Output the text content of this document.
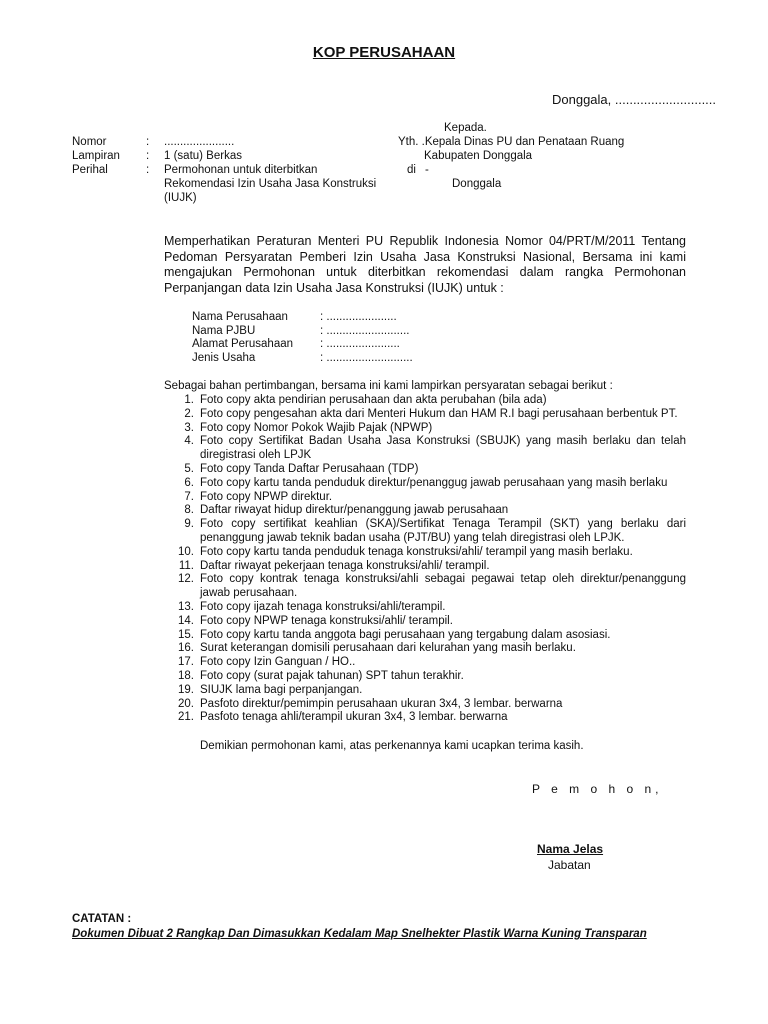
KOP PERUSAHAAN
Donggala, ............................
Nomor	: ......................
Lampiran : 1 (satu) Berkas
Perihal	: Permohonan untuk diterbitkan
Rekomendasi Izin Usaha Jasa Konstruksi
(IUJK)
Kepada.
Yth. .Kepala Dinas PU dan Penataan Ruang
Kabupaten Donggala
di -
Donggala
Memperhatikan Peraturan Menteri PU Republik Indonesia Nomor 04/PRT/M/2011 Tentang Pedoman Persyaratan Pemberi Izin Usaha Jasa Konstruksi Nasional, Bersama ini kami mengajukan Permohonan untuk diterbitkan rekomendasi dalam rangka Permohonan Perpanjangan data Izin Usaha Jasa Konstruksi (IUJK) untuk :
Nama Perusahaan	: ......................
Nama PJBU	: ..........................
Alamat Perusahaan : .......................
Jenis Usaha	: ...........................
Sebagai bahan pertimbangan, bersama ini kami lampirkan persyaratan sebagai berikut :
1. Foto copy akta pendirian perusahaan dan akta perubahan (bila ada)
2. Foto copy pengesahan akta dari Menteri Hukum dan HAM R.I bagi perusahaan berbentuk PT.
3. Foto copy Nomor Pokok Wajib Pajak (NPWP)
4. Foto copy Sertifikat Badan Usaha Jasa Konstruksi (SBUJK) yang masih berlaku dan telah diregistrasi oleh LPJK
5. Foto copy Tanda Daftar Perusahaan (TDP)
6. Foto copy kartu tanda penduduk direktur/penanggug jawab perusahaan yang masih berlaku
7. Foto copy NPWP direktur.
8. Daftar riwayat hidup direktur/penanggung jawab perusahaan
9. Foto copy sertifikat keahlian (SKA)/Sertifikat Tenaga Terampil (SKT) yang berlaku dari penanggung jawab teknik badan usaha (PJT/BU) yang telah diregistrasi oleh LPJK.
10. Foto copy kartu tanda penduduk tenaga konstruksi/ahli/ terampil yang masih berlaku.
11. Daftar riwayat pekerjaan tenaga konstruksi/ahli/ terampil.
12. Foto copy kontrak tenaga konstruksi/ahli sebagai pegawai tetap oleh direktur/penanggung jawab perusahaan.
13. Foto copy ijazah tenaga konstruksi/ahli/terampil.
14. Foto copy NPWP tenaga konstruksi/ahli/ terampil.
15. Foto copy kartu tanda anggota bagi perusahaan yang tergabung dalam asosiasi.
16. Surat keterangan domisili perusahaan dari kelurahan yang masih berlaku.
17. Foto copy Izin Ganguan / HO..
18. Foto copy (surat pajak tahunan) SPT tahun terakhir.
19. SIUJK lama bagi perpanjangan.
20. Pasfoto direktur/pemimpin perusahaan ukuran 3x4, 3 lembar. berwarna
21. Pasfoto tenaga ahli/terampil ukuran 3x4, 3 lembar. berwarna
Demikian permohonan kami, atas perkenannya kami ucapkan terima kasih.
P e m o h o n,
Nama Jelas
Jabatan
CATATAN :
Dokumen Dibuat 2 Rangkap Dan Dimasukkan Kedalam Map Snelhekter Plastik Warna Kuning Transparan
